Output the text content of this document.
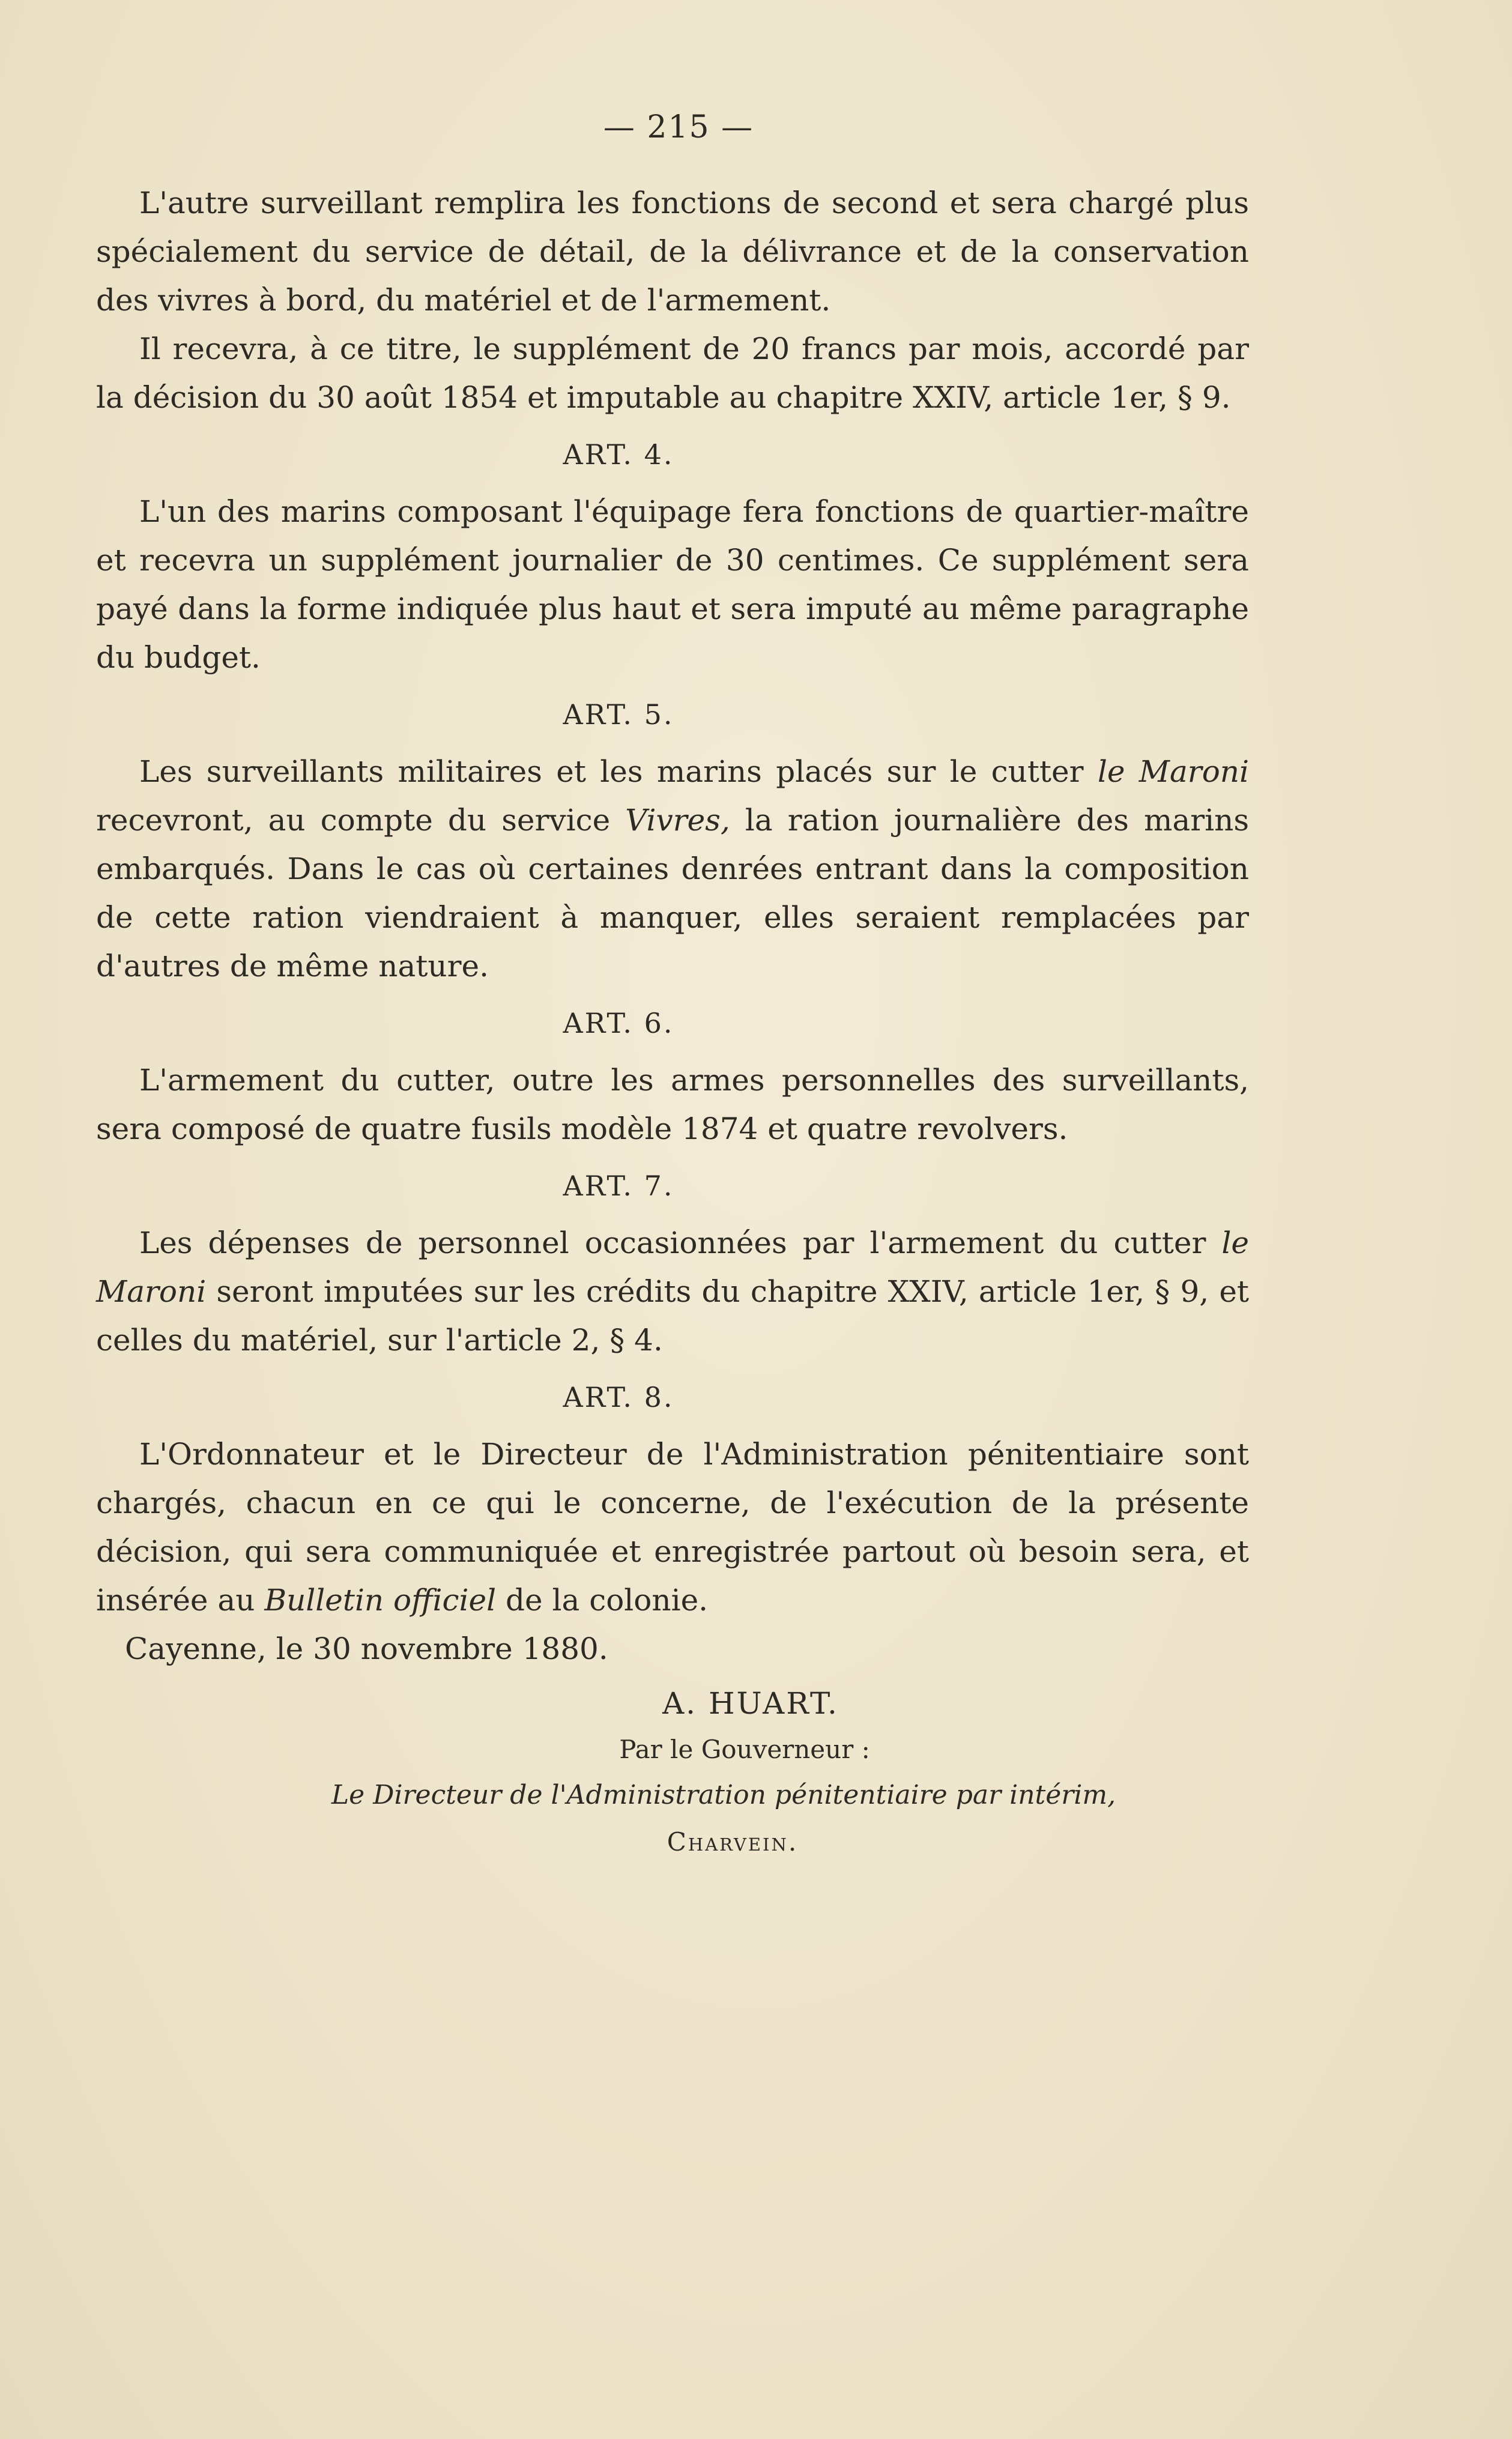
— 215 —

L'autre surveillant remplira les fonctions de second et sera chargé plus spécialement du service de détail, de la délivrance et de la conservation des vivres à bord, du matériel et de l'armement.

Il recevra, à ce titre, le supplément de 20 francs par mois, accordé par la décision du 30 août 1854 et imputable au chapitre XXIV, article 1er, § 9.

ART. 4.

L'un des marins composant l'équipage fera fonctions de quartier-maître et recevra un supplément journalier de 30 centimes. Ce supplément sera payé dans la forme indiquée plus haut et sera imputé au même paragraphe du budget.

ART. 5.

Les surveillants militaires et les marins placés sur le cutter le Maroni recevront, au compte du service Vivres, la ration journalière des marins embarqués. Dans le cas où certaines denrées entrant dans la composition de cette ration viendraient à manquer, elles seraient remplacées par d'autres de même nature.

ART. 6.

L'armement du cutter, outre les armes personnelles des surveillants, sera composé de quatre fusils modèle 1874 et quatre revolvers.

ART. 7.

Les dépenses de personnel occasionnées par l'armement du cutter le Maroni seront imputées sur les crédits du chapitre XXIV, article 1er, § 9, et celles du matériel, sur l'article 2, § 4.

ART. 8.

L'Ordonnateur et le Directeur de l'Administration pénitentiaire sont chargés, chacun en ce qui le concerne, de l'exécution de la présente décision, qui sera communiquée et enregistrée partout où besoin sera, et insérée au Bulletin officiel de la colonie.

Cayenne, le 30 novembre 1880.

A. HUART.
Par le Gouverneur :
Le Directeur de l'Administration pénitentiaire par intérim,
Charvein.
